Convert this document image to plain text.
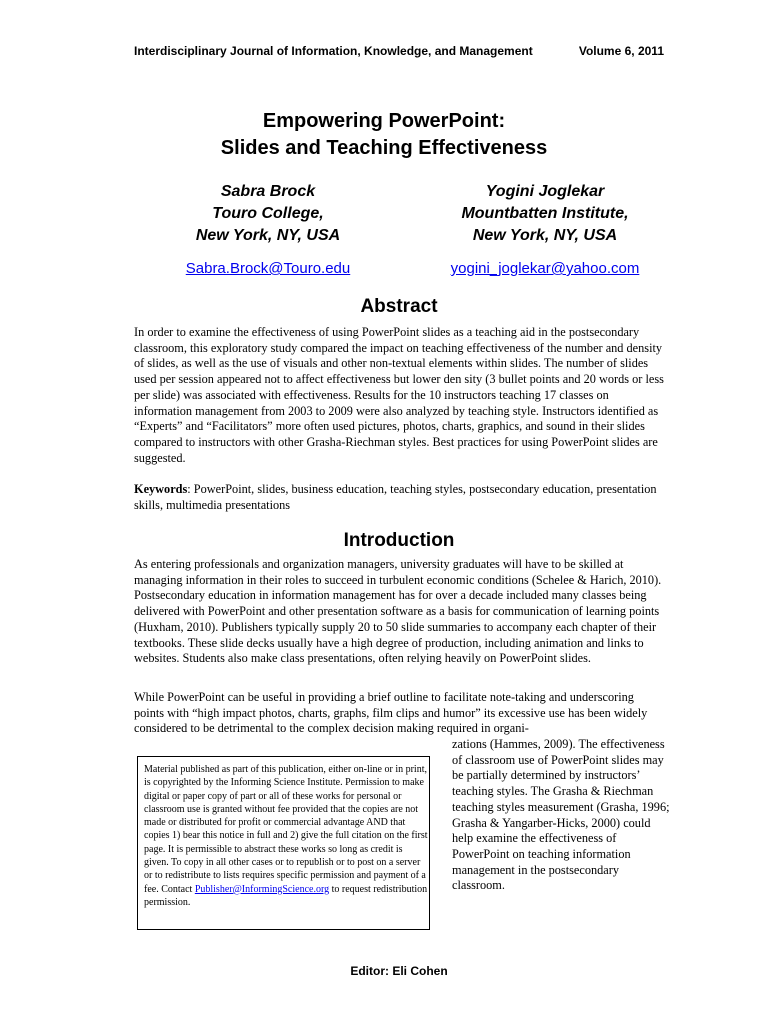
Interdisciplinary Journal of Information, Knowledge, and Management	Volume 6, 2011
Empowering PowerPoint:
Slides and Teaching Effectiveness
Sabra Brock
Touro College,
New York, NY, USA
Yogini Joglekar
Mountbatten Institute,
New York, NY, USA
Sabra.Brock@Touro.edu	yogini_joglekar@yahoo.com
Abstract

In order to examine the effectiveness of using PowerPoint slides as a teaching aid in the postsecondary classroom, this exploratory study compared the impact on teaching effectiveness of the number and density of slides, as well as the use of visuals and other non-textual elements within slides. The number of slides used per session appeared not to affect effectiveness but lower den sity (3 bullet points and 20 words or less per slide) was associated with effectiveness. Results for the 10 instructors teaching 17 classes on information management from 2003 to 2009 were also analyzed by teaching style. Instructors identified as “Experts” and “Facilitators” more often used pictures, photos, charts, graphics, and sound in their slides compared to instructors with other Grasha-Riechman styles. Best practices for using PowerPoint slides are suggested.

Keywords: PowerPoint, slides, business education, teaching styles, postsecondary education, presentation skills, multimedia presentations

Introduction

As entering professionals and organization managers, university graduates will have to be skilled at managing information in their roles to succeed in turbulent economic conditions (Schelee & Harich, 2010). Postsecondary education in information management has for over a decade included many classes being delivered with PowerPoint and other presentation software as a basis for communication of learning points (Huxham, 2010). Publishers typically supply 20 to 50 slide summaries to accompany each chapter of their textbooks. These slide decks usually have a high degree of production, including animation and links to websites. Students also make class presentations, often relying heavily on PowerPoint slides.

While PowerPoint can be useful in providing a brief outline to facilitate note-taking and underscoring points with “high impact photos, charts, graphs, film clips and humor” its excessive use has been widely considered to be detrimental to the complex decision making required in organi-

zations (Hammes, 2009). The effectiveness of classroom use of PowerPoint slides may be partially determined by instructors’ teaching styles. The Grasha & Riechman teaching styles measurement (Grasha, 1996; Grasha & Yangarber-Hicks, 2000) could help examine the effectiveness of PowerPoint on teaching information management in the postsecondary classroom.

Material published as part of this publication, either on-line or in print, is copyrighted by the Informing Science Institute. Permission to make digital or paper copy of part or all of these works for personal or classroom use is granted without fee provided that the copies are not made or distributed for profit or commercial advantage AND that copies 1) bear this notice in full and 2) give the full citation on the first page. It is permissible to abstract these works so long as credit is given. To copy in all other cases or to republish or to post on a server or to redistribute to lists requires specific permission and payment of a fee. Contact Publisher@InformingScience.org to request redistribution permission.
Editor: Eli Cohen
